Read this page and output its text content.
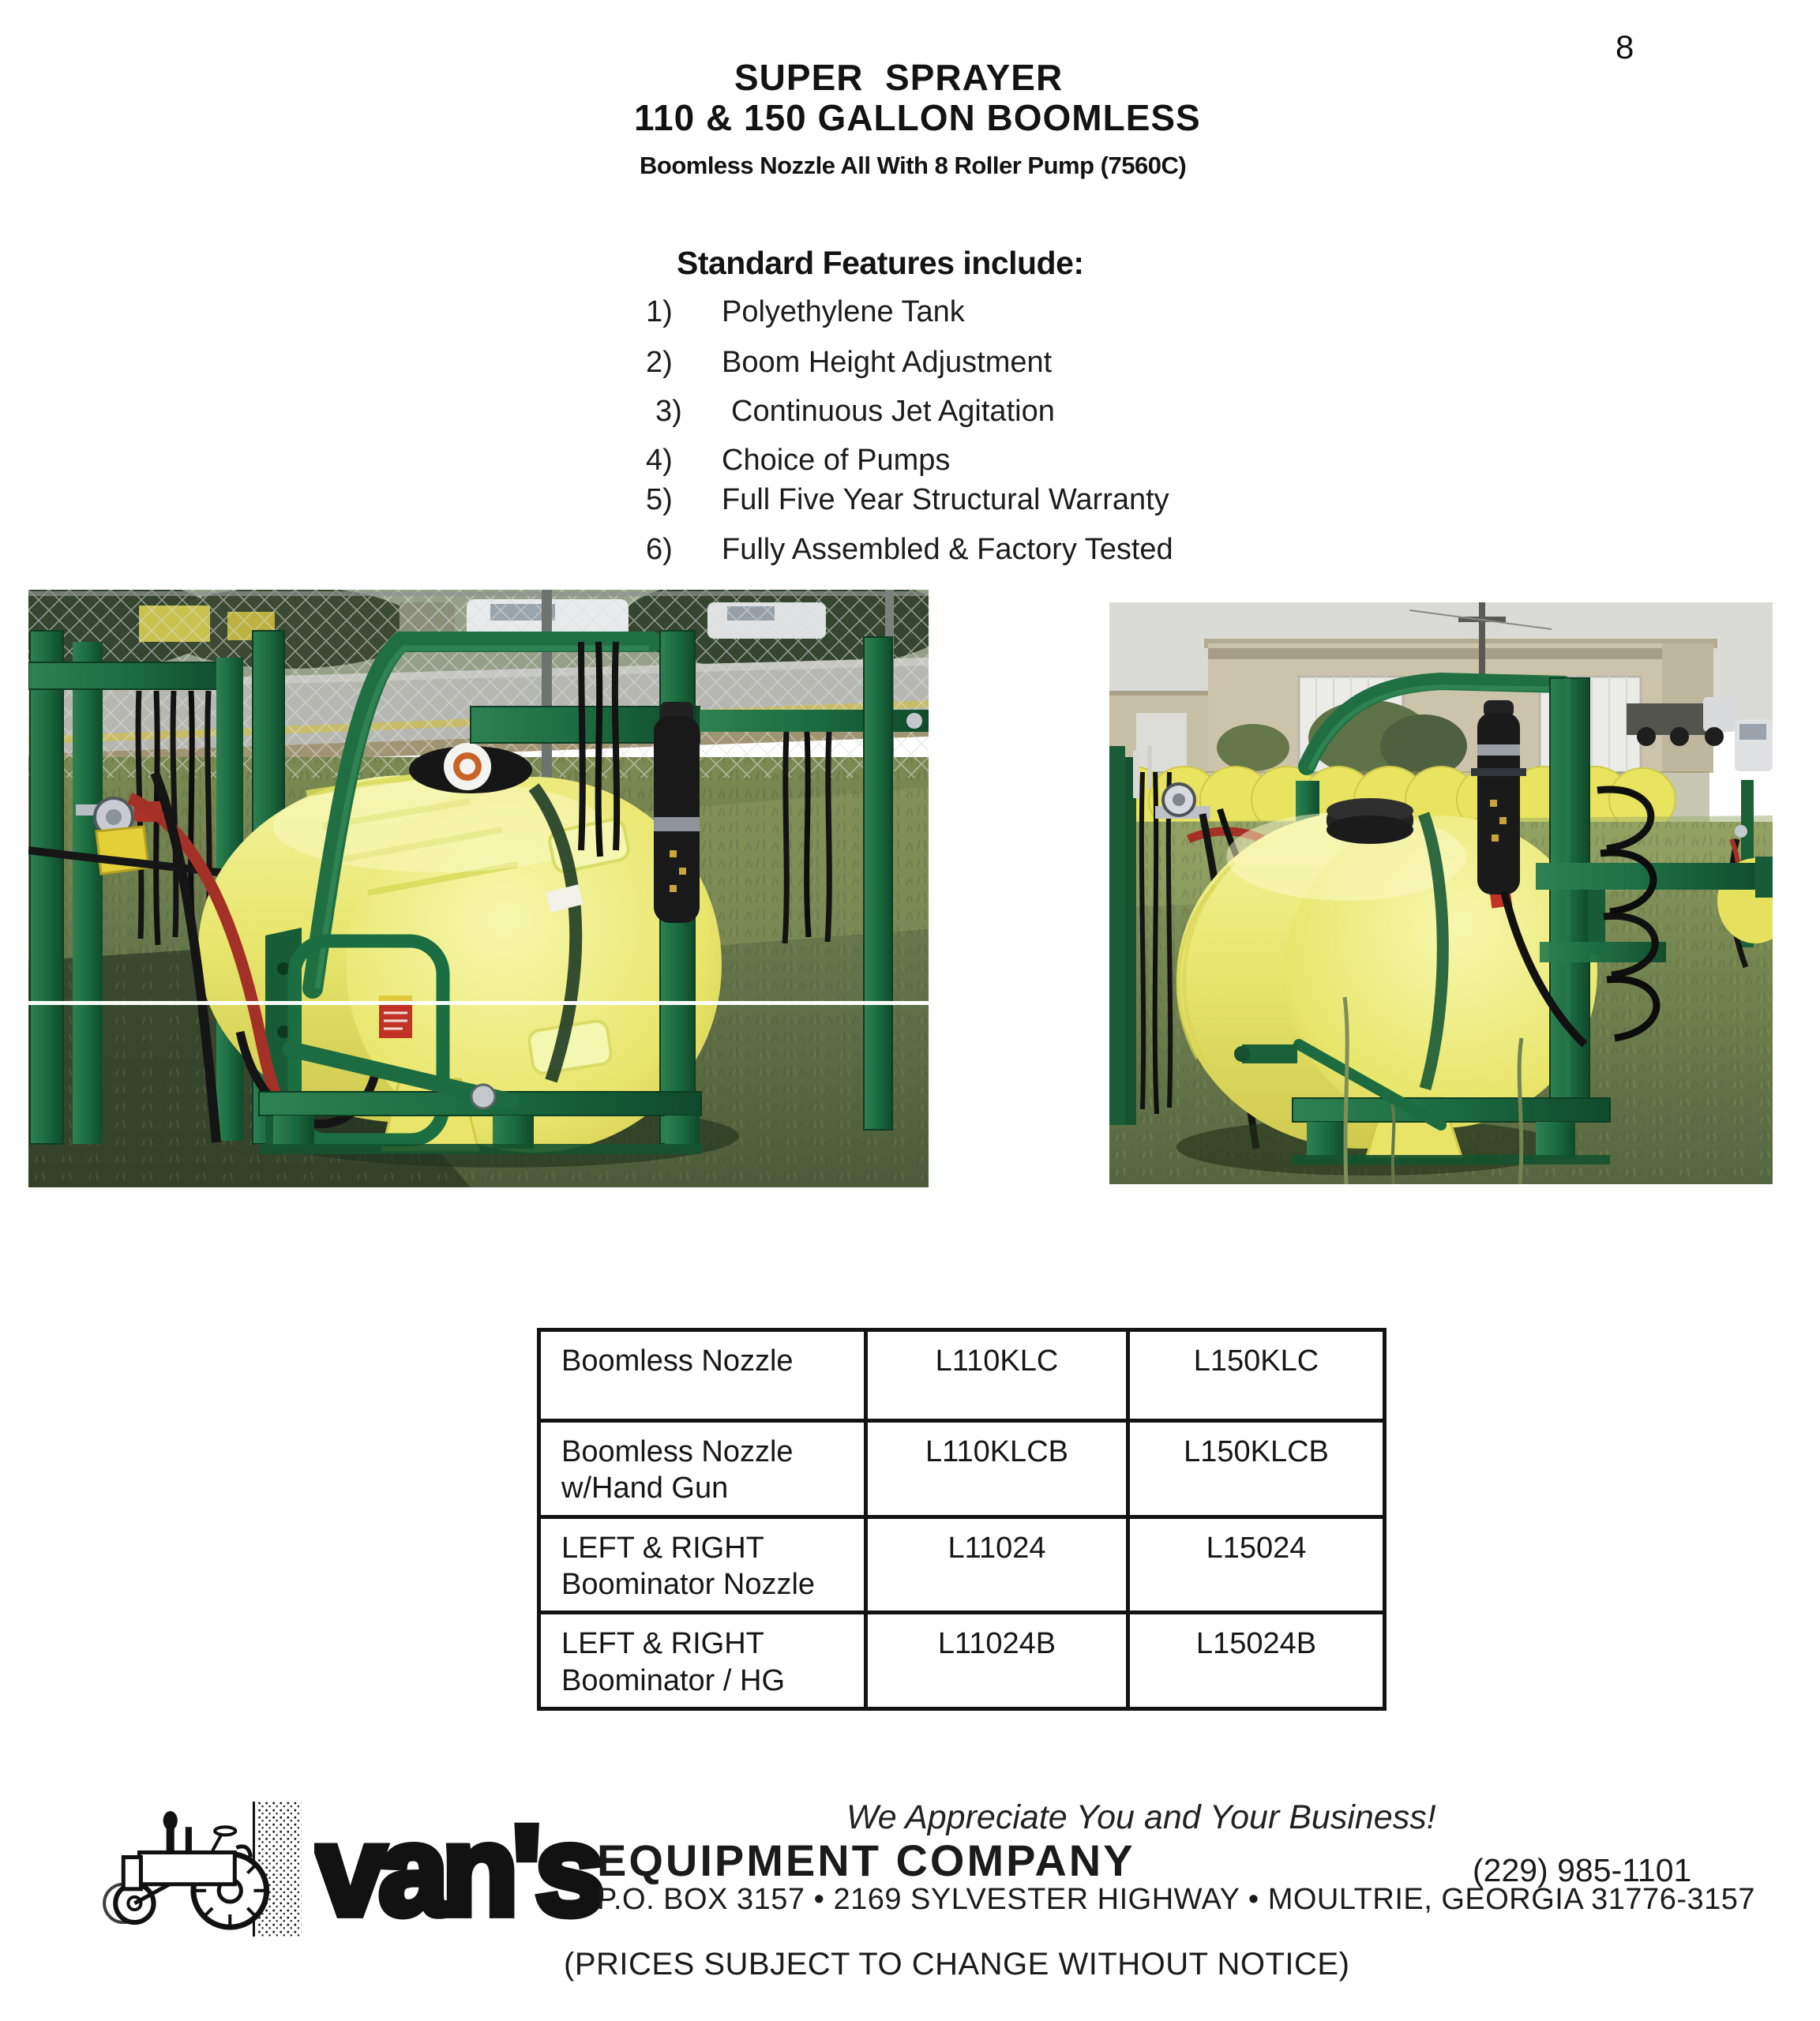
8
SUPER  SPRAYER
110 & 150 GALLON BOOMLESS
Boomless Nozzle All With 8 Roller Pump (7560C)
Standard Features include:
1) Polyethylene Tank
2) Boom Height Adjustment
3) Continuous Jet Agitation
4) Choice of Pumps
5) Full Five Year Structural Warranty
6) Fully Assembled & Factory Tested
Boomless Nozzle	L110KLC	L150KLC

Boomless Nozzle
w/Hand Gun	L110KLCB	L150KLCB

LEFT & RIGHT
Boominator Nozzle	L11024	L15024

LEFT & RIGHT
Boominator / HG	L11024B	L15024B
van's	We Appreciate You and Your Business!
EQUIPMENT COMPANY	(229) 985-1101
P.O. BOX 3157 • 2169 SYLVESTER HIGHWAY • MOULTRIE, GEORGIA 31776-3157
(PRICES SUBJECT TO CHANGE WITHOUT NOTICE)
